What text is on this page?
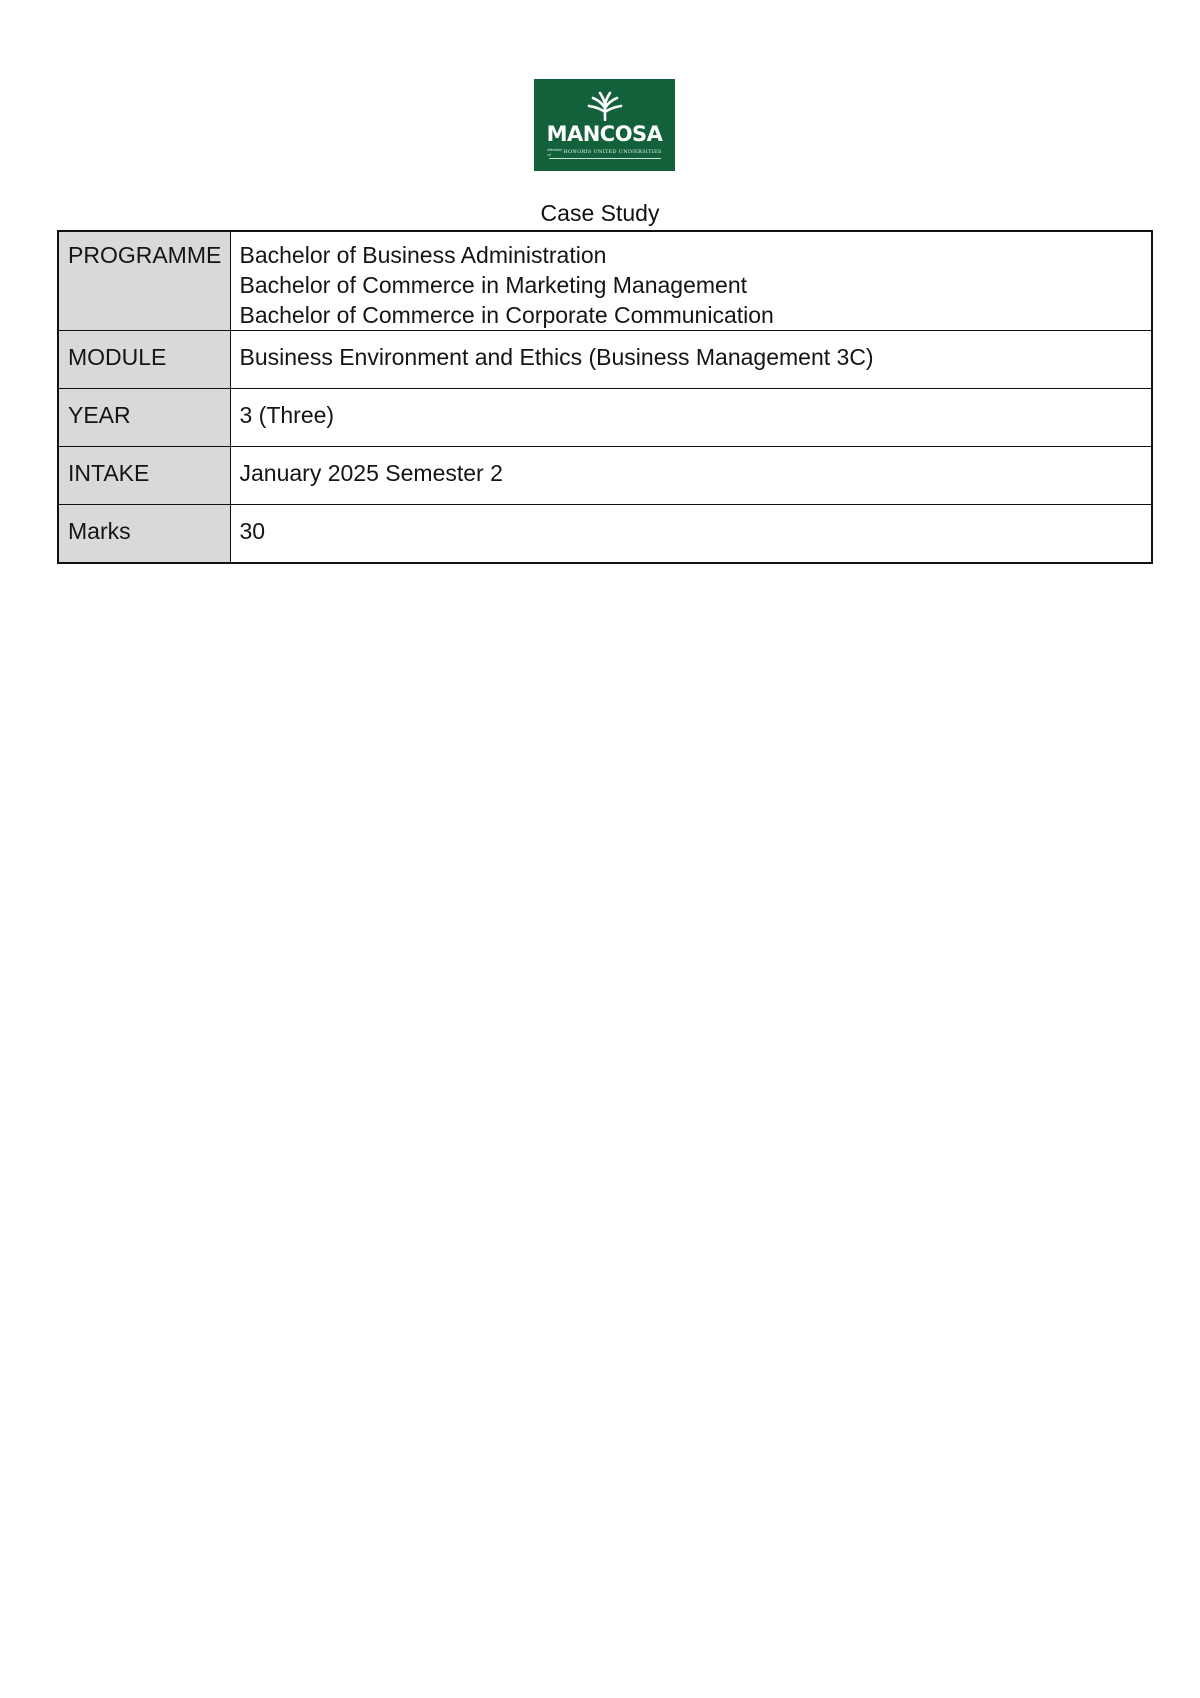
MANCOSA
Member of	HONORIS UNITED UNIVERSITIES
Case Study
PROGRAMME	Bachelor of Business Administration
Bachelor of Commerce in Marketing Management
Bachelor of Commerce in Corporate Communication

MODULE	Business Environment and Ethics (Business Management 3C)
YEAR	3 (Three)
INTAKE	January 2025 Semester 2
Marks	30
